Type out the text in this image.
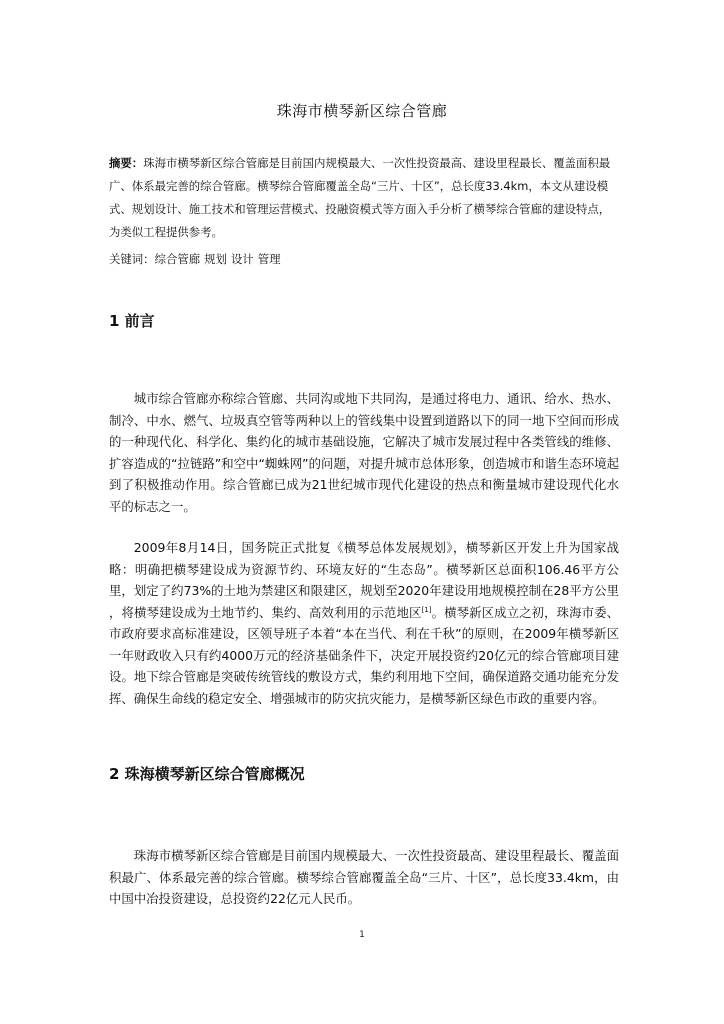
珠海市横琴新区综合管廊
摘要：珠海市横琴新区综合管廊是目前国内规模最大、一次性投资最高、建设里程最长、覆盖面积最广、体系最完善的综合管廊。横琴综合管廊覆盖全岛“三片、十区”，总长度33.4km，本文从建设模式、规划设计、施工技术和管理运营模式、投融资模式等方面入手分析了横琴综合管廊的建设特点，为类似工程提供参考。
关键词：综合管廊 规划 设计 管理
1 前言

城市综合管廊亦称综合管廊、共同沟或地下共同沟，是通过将电力、通讯、给水、热水、制冷、中水、燃气、垃圾真空管等两种以上的管线集中设置到道路以下的同一地下空间而形成的一种现代化、科学化、集约化的城市基础设施，它解决了城市发展过程中各类管线的维修、扩容造成的“拉链路”和空中“蜘蛛网”的问题，对提升城市总体形象，创造城市和谐生态环境起到了积极推动作用。综合管廊已成为21世纪城市现代化建设的热点和衡量城市建设现代化水平的标志之一。

2009年8月14日，国务院正式批复《横琴总体发展规划》，横琴新区开发上升为国家战略：明确把横琴建设成为资源节约、环境友好的“生态岛”。横琴新区总面积106.46平方公里，划定了约73%的土地为禁建区和限建区，规划至2020年建设用地规模控制在28平方公里 ，将横琴建设成为土地节约、集约、高效利用的示范地区[1]。横琴新区成立之初，珠海市委、市政府要求高标准建设，区领导班子本着“本在当代、利在千秋”的原则，在2009年横琴新区一年财政收入只有约4000万元的经济基础条件下，决定开展投资约20亿元的综合管廊项目建设。地下综合管廊是突破传统管线的敷设方式，集约利用地下空间，确保道路交通功能充分发挥、确保生命线的稳定安全、增强城市的防灾抗灾能力，是横琴新区绿色市政的重要内容。

2 珠海横琴新区综合管廊概况

珠海市横琴新区综合管廊是目前国内规模最大、一次性投资最高、建设里程最长、覆盖面积最广、体系最完善的综合管廊。横琴综合管廊覆盖全岛“三片、十区”，总长度33.4km，由中国中冶投资建设，总投资约22亿元人民币。

1
